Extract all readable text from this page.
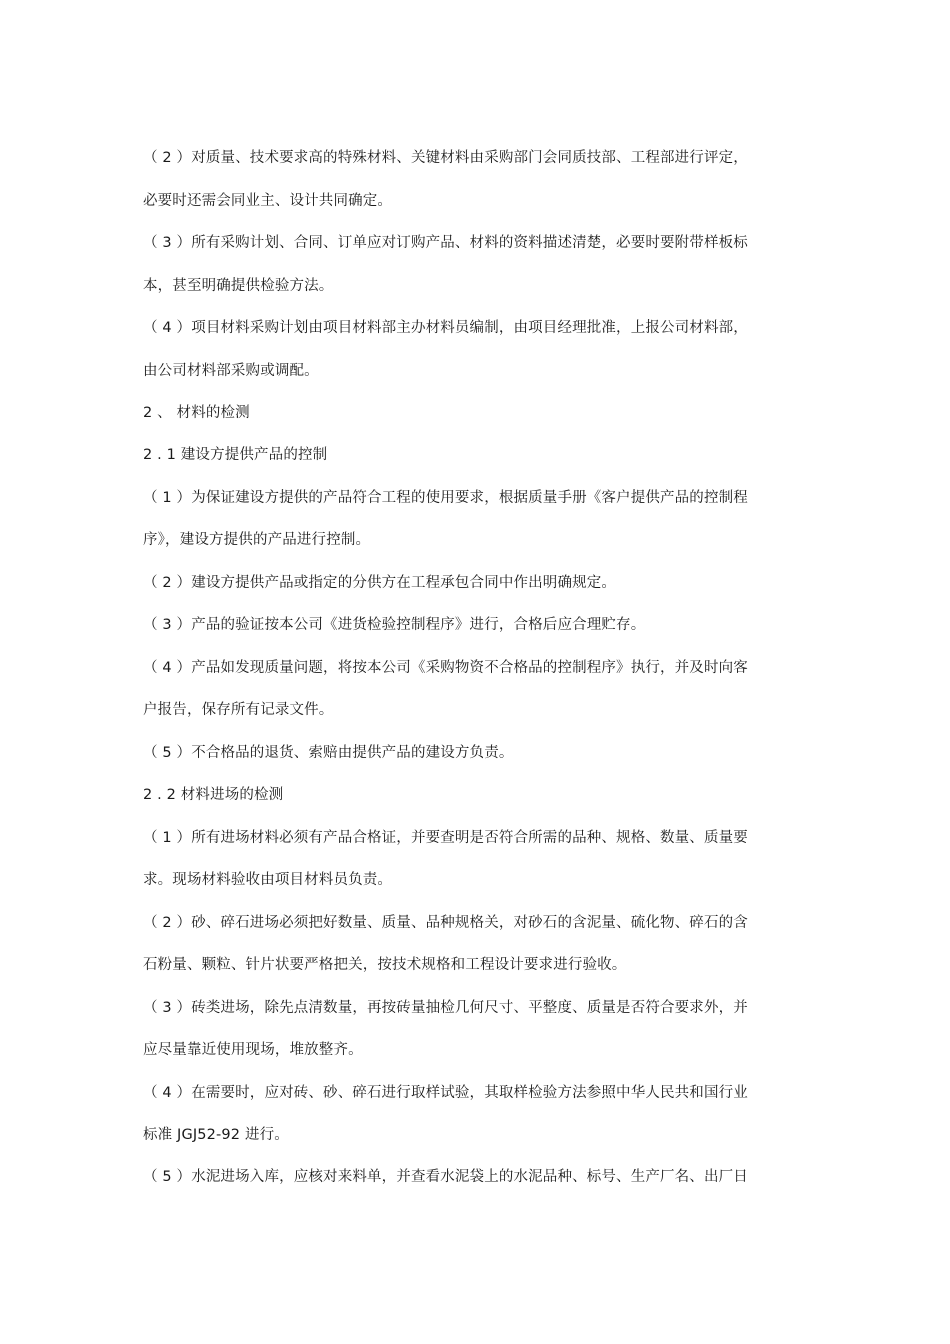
（ 2 ）对质量、技术要求高的特殊材料、关键材料由采购部门会同质技部、工程部进行评定，
必要时还需会同业主、设计共同确定。
（ 3 ）所有采购计划、合同、订单应对订购产品、材料的资料描述清楚，必要时要附带样板标
本，甚至明确提供检验方法。
（ 4 ）项目材料采购计划由项目材料部主办材料员编制，由项目经理批准，上报公司材料部，
由公司材料部采购或调配。
2 、 材料的检测
2 . 1 建设方提供产品的控制
（ 1 ）为保证建设方提供的产品符合工程的使用要求，根据质量手册《客户提供产品的控制程
序》，建设方提供的产品进行控制。
（ 2 ）建设方提供产品或指定的分供方在工程承包合同中作出明确规定。
（ 3 ）产品的验证按本公司《进货检验控制程序》进行，合格后应合理贮存。
（ 4 ）产品如发现质量问题，将按本公司《采购物资不合格品的控制程序》执行，并及时向客
户报告，保存所有记录文件。
（ 5 ）不合格品的退货、索赔由提供产品的建设方负责。
2 . 2 材料进场的检测
（ 1 ）所有进场材料必须有产品合格证，并要查明是否符合所需的品种、规格、数量、质量要
求。现场材料验收由项目材料员负责。
（ 2 ）砂、碎石进场必须把好数量、质量、品种规格关，对砂石的含泥量、硫化物、碎石的含
石粉量、颗粒、针片状要严格把关，按技术规格和工程设计要求进行验收。
（ 3 ）砖类进场，除先点清数量，再按砖量抽检几何尺寸、平整度、质量是否符合要求外，并
应尽量靠近使用现场，堆放整齐。
（ 4 ）在需要时，应对砖、砂、碎石进行取样试验，其取样检验方法参照中华人民共和国行业
标准 JGJ52-92 进行。
（ 5 ）水泥进场入库，应核对来料单，并查看水泥袋上的水泥品种、标号、生产厂名、出厂日
